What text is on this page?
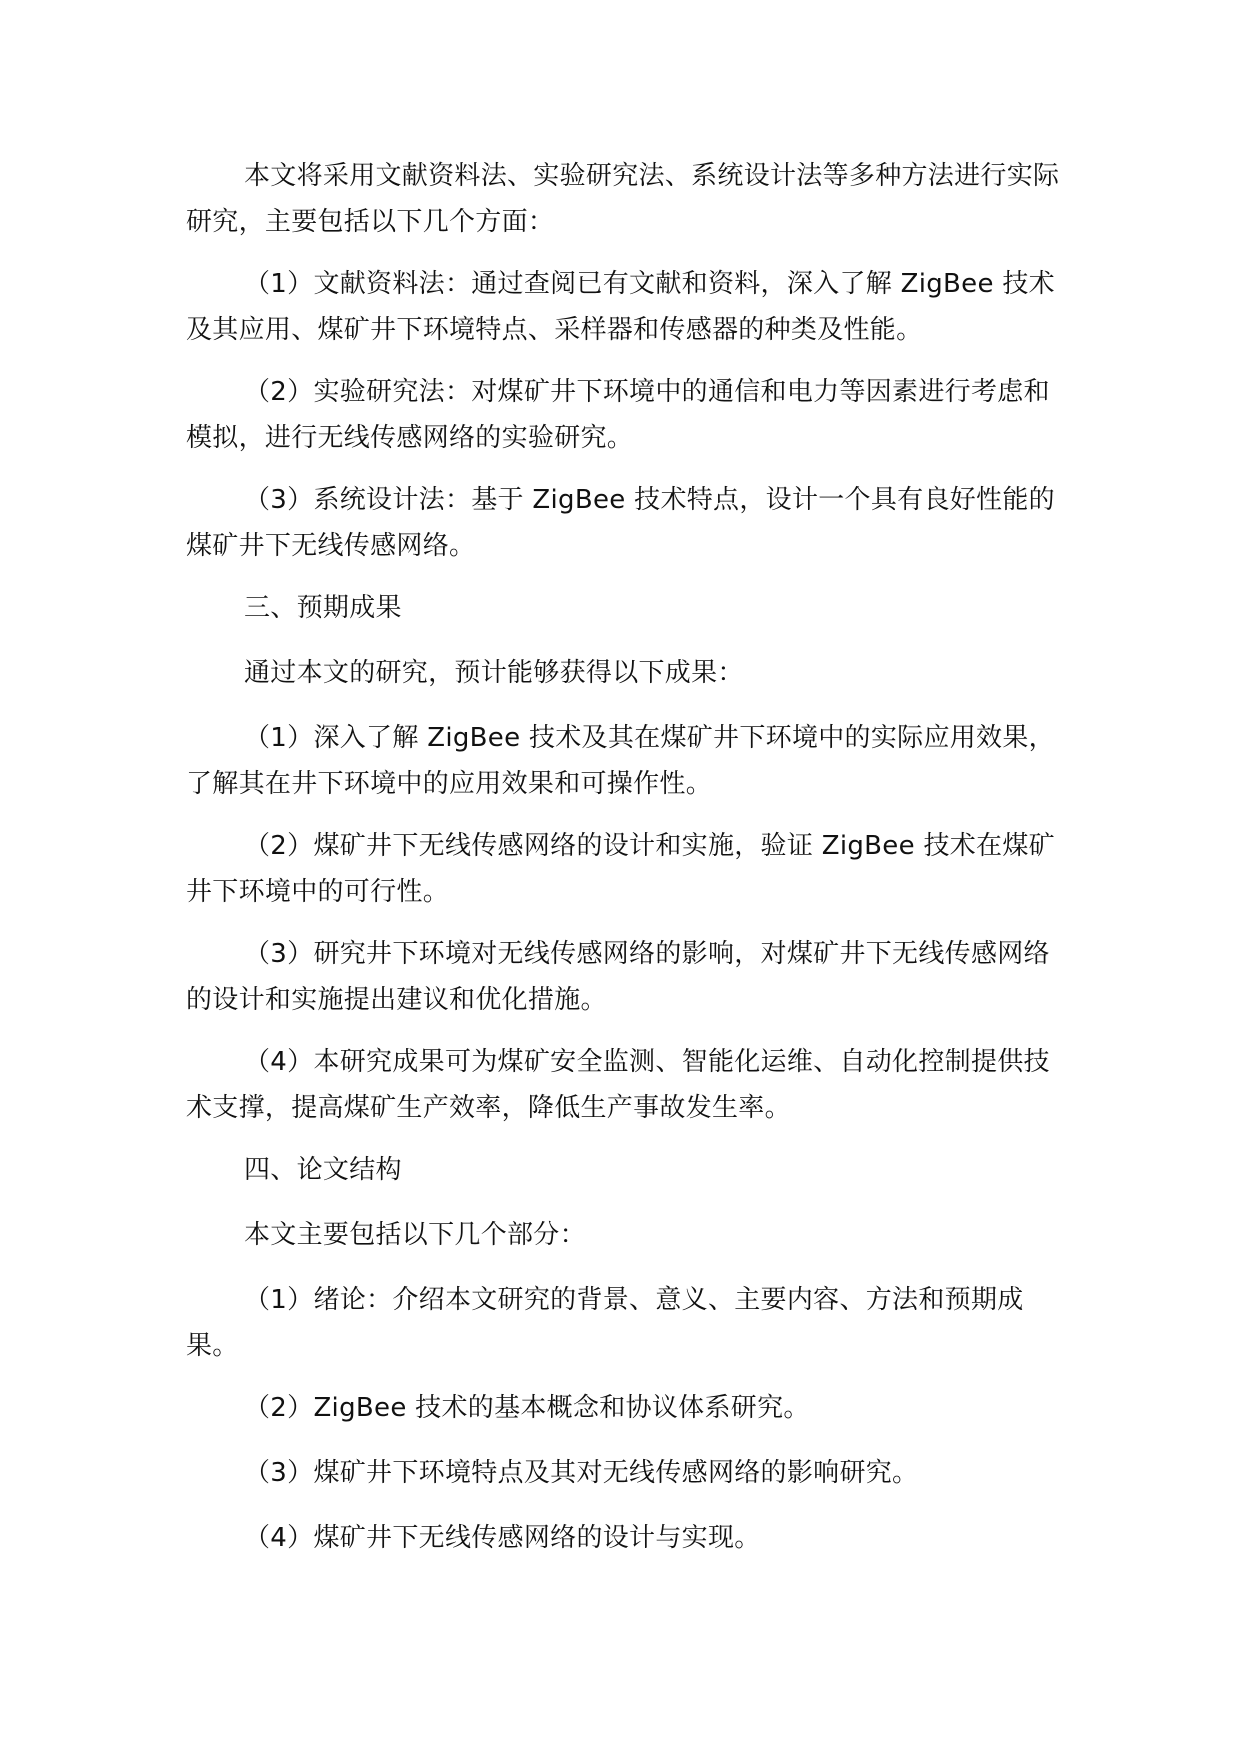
本文将采用文献资料法、实验研究法、系统设计法等多种方法进行实际研究，主要包括以下几个方面：

（1）文献资料法：通过查阅已有文献和资料，深入了解 ZigBee 技术及其应用、煤矿井下环境特点、采样器和传感器的种类及性能。

（2）实验研究法：对煤矿井下环境中的通信和电力等因素进行考虑和模拟，进行无线传感网络的实验研究。

（3）系统设计法：基于 ZigBee 技术特点，设计一个具有良好性能的煤矿井下无线传感网络。

三、预期成果

通过本文的研究，预计能够获得以下成果：

（1）深入了解 ZigBee 技术及其在煤矿井下环境中的实际应用效果，了解其在井下环境中的应用效果和可操作性。

（2）煤矿井下无线传感网络的设计和实施，验证 ZigBee 技术在煤矿井下环境中的可行性。

（3）研究井下环境对无线传感网络的影响，对煤矿井下无线传感网络的设计和实施提出建议和优化措施。

（4）本研究成果可为煤矿安全监测、智能化运维、自动化控制提供技术支撑，提高煤矿生产效率，降低生产事故发生率。

四、论文结构

本文主要包括以下几个部分：

（1）绪论：介绍本文研究的背景、意义、主要内容、方法和预期成果。

（2）ZigBee 技术的基本概念和协议体系研究。

（3）煤矿井下环境特点及其对无线传感网络的影响研究。

（4）煤矿井下无线传感网络的设计与实现。
